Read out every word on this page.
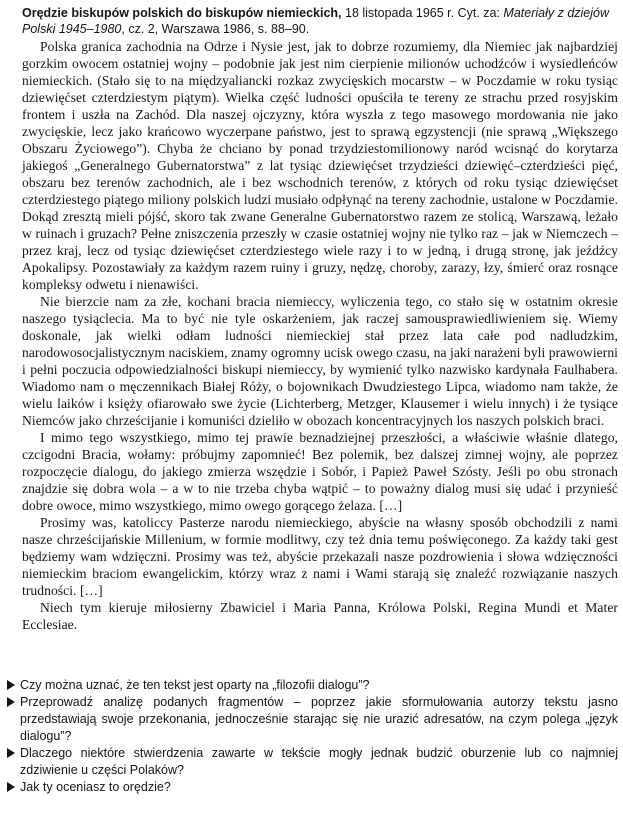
Orędzie biskupów polskich do biskupów niemieckich, 18 listopada 1965 r. Cyt. za: Materiały z dziejów Polski 1945–1980, cz. 2, Warszawa 1986, s. 88–90.

Polska granica zachodnia na Odrze i Nysie jest, jak to dobrze rozumiemy, dla Niemiec jak najbardziej gorzkim owocem ostatniej wojny – podobnie jak jest nim cierpienie milionów uchodźców i wysiedleńców niemieckich. (Stało się to na międzyaliancki rozkaz zwycięskich mocarstw – w Poczdamie w roku tysiąc dziewięćset czterdziestym piątym). Wielka część ludności opuściła te tereny ze strachu przed rosyjskim frontem i uszła na Zachód. Dla naszej ojczyzny, która wyszła z tego masowego mordowania nie jako zwycięskie, lecz jako krańcowo wyczerpane państwo, jest to sprawą egzystencji (nie sprawą „Większego Obszaru Życiowego”). Chyba że chciano by ponad trzydziestomilionowy naród wcisnąć do korytarza jakiegoś „Generalnego Gubernatorstwa” z lat tysiąc dziewięćset trzydzieści dziewięć–czterdzieści pięć, obszaru bez terenów zachodnich, ale i bez wschodnich terenów, z których od roku tysiąc dziewięćset czterdziestego piątego miliony polskich ludzi musiało odpłynąć na tereny zachodnie, ustalone w Poczdamie. Dokąd zresztą mieli pójść, skoro tak zwane Generalne Gubernatorstwo razem ze stolicą, Warszawą, leżało w ruinach i gruzach? Pełne zniszczenia przeszły w czasie ostatniej wojny nie tylko raz – jak w Niemczech – przez kraj, lecz od tysiąc dziewięćset czterdziestego wiele razy i to w jedną, i drugą stronę, jak jeźdźcy Apokalipsy. Pozostawiały za każdym razem ruiny i gruzy, nędzę, choroby, zarazy, łzy, śmierć oraz rosnące kompleksy odwetu i nienawiści.

Nie bierzcie nam za złe, kochani bracia niemieccy, wyliczenia tego, co stało się w ostatnim okresie naszego tysiąclecia. Ma to być nie tyle oskarżeniem, jak raczej samousprawiedliwieniem się. Wiemy doskonale, jak wielki odłam ludności niemieckiej stał przez lata całe pod nadludzkim, narodowosocjalistycznym naciskiem, znamy ogromny ucisk owego czasu, na jaki narażeni byli prawowierni i pełni poczucia odpowiedzialności biskupi niemieccy, by wymienić tylko nazwisko kardynała Faulhabera. Wiadomo nam o męczennikach Białej Róży, o bojownikach Dwudziestego Lipca, wiadomo nam także, że wielu laików i księży ofiarowało swe życie (Lichterberg, Metzger, Klausemer i wielu innych) i że tysiące Niemców jako chrześcijanie i komuniści dzieliło w obozach koncentracyjnych los naszych polskich braci.

I mimo tego wszystkiego, mimo tej prawie beznadziejnej przeszłości, a właściwie właśnie dlatego, czcigodni Bracia, wołamy: próbujmy zapomnieć! Bez polemik, bez dalszej zimnej wojny, ale poprzez rozpoczęcie dialogu, do jakiego zmierza wszędzie i Sobór, i Papież Paweł Szósty. Jeśli po obu stronach znajdzie się dobra wola – a w to nie trzeba chyba wątpić – to poważny dialog musi się udać i przynieść dobre owoce, mimo wszystkiego, mimo owego gorącego żelaza. […]

Prosimy was, katoliccy Pasterze narodu niemieckiego, abyście na własny sposób obchodzili z nami nasze chrześcijańskie Millenium, w formie modlitwy, czy też dnia temu poświęconego. Za każdy taki gest będziemy wam wdzięczni. Prosimy was też, abyście przekazali nasze pozdrowienia i słowa wdzięczności niemieckim braciom ewangelickim, którzy wraz z nami i Wami starają się znaleźć rozwiązanie naszych trudności. […]

Niech tym kieruje miłosierny Zbawiciel i Maria Panna, Królowa Polski, Regina Mundi et Mater Ecclesiae.

Czy można uznać, że ten tekst jest oparty na „filozofii dialogu”?
Przeprowadź analizę podanych fragmentów – poprzez jakie sformułowania autorzy tekstu jasno przedstawiają swoje przekonania, jednocześnie starając się nie urazić adresatów, na czym polega „język dialogu”?
Dlaczego niektóre stwierdzenia zawarte w tekście mogły jednak budzić oburzenie lub co najmniej zdziwienie u części Polaków?
Jak ty oceniasz to orędzie?
